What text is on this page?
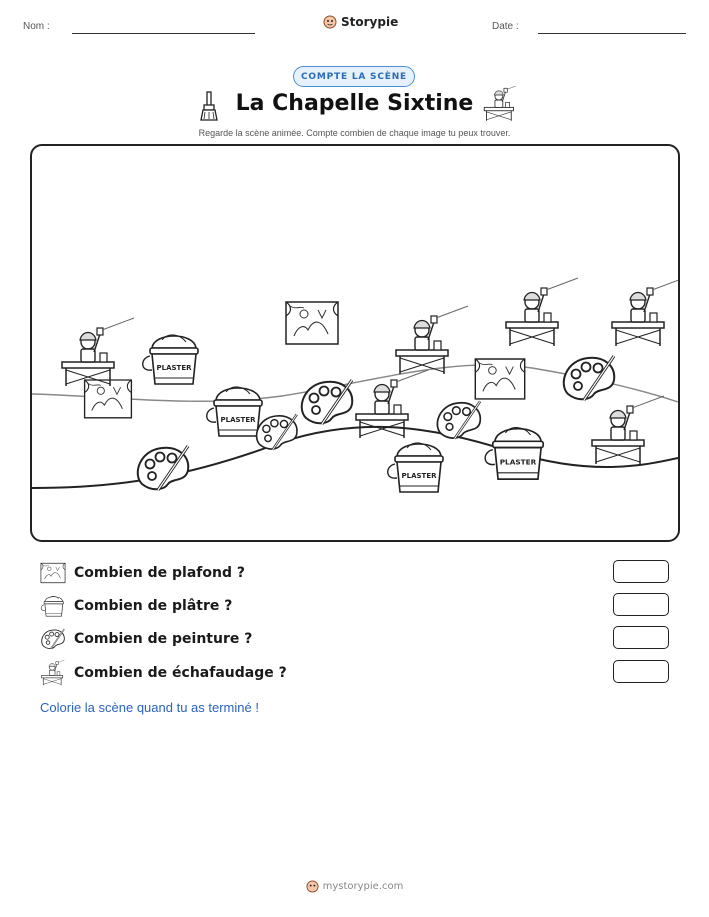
Nom :	Storypie	Date :
COMPTE LA SCÈNE
La Chapelle Sixtine
Regarde la scène animée. Compte combien de chaque image tu peux trouver.
PLASTER
PLASTER
PLASTER
PLASTER
Combien de plafond ?
Combien de plâtre ?
Combien de peinture ?
Combien de échafaudage ?
Colorie la scène quand tu as terminé !
mystorypie.com
